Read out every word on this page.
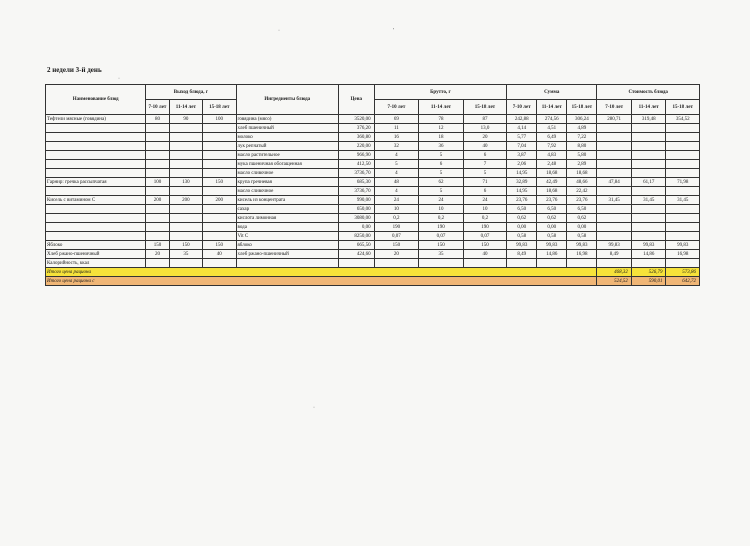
2 недели 3-й день
·	'
·
·
Наименование блюд	Выход блюда, г			Ингредиенты блюда	Цена	Брутто, г			Сумма			Стоимость блюда		
	7-10 лет	11-14 лет	15-18 лет			7-10 лет	11-14 лет	15-18 лет	7-10 лет	11-14 лет	15-18 лет	7-10 лет	11-14 лет	15-18 лет
Тефтели мясные (говядина)	80	90	100	говядина (мясо)	3520,00	69	78	87	242,88	274,56	306,24	280,71	319,48	354,52
				хлеб пшеничный	376,20	11	12	13,0	4,14	4,51	4,89			
				молоко	360,80	16	18	20	5,77	6,49	7,22			
				лук репчатый	220,00	32	36	40	7,04	7,92	8,80			
				масло растительное	966,90	4	5	6	3,87	4,83	5,80			
				мука пшеничная обогащенная	412,50	5	6	7	2,06	2,48	2,89			
				масло сливочное	3736,70	4	5	5	14,95	18,68	18,68			
Гарнир: гречка рассыпчатая	100	130	150	крупа гречневая	685,30	48	62	71	32,89	42,49	48,66	47,84	61,17	71,98
				масло сливочное	3736,70	4	5	6	14,95	18,68	22,42			
Кисель с витамином С	200	200	200	кисель из концентрата	990,00	24	24	24	23,76	23,76	23,76	31,45	31,45	31,45
				сахар	650,00	10	10	10	6,50	6,50	6,50			
				кислота лимонная	3080,00	0,2	0,2	0,2	0,62	0,62	0,62			
				вода	0,00	190	190	190	0,00	0,00	0,00			
				Vit C	8250,00	0,07	0,07	0,07	0,58	0,58	0,58			
Яблоко	150	150	150	яблоко	665,50	150	150	150	99,83	99,83	99,83	99,83	99,83	99,83
Хлеб ржано-пшеничный	20	35	40	хлеб ржано-пшеничный	424,60	20	35	40	8,49	14,86	16,98	8,49	14,86	16,98
Калорийность, ккал														
Итого цена рациона												468,32	526,79	573,86
Итого цена рациона с												524,52	590,01	642,72
